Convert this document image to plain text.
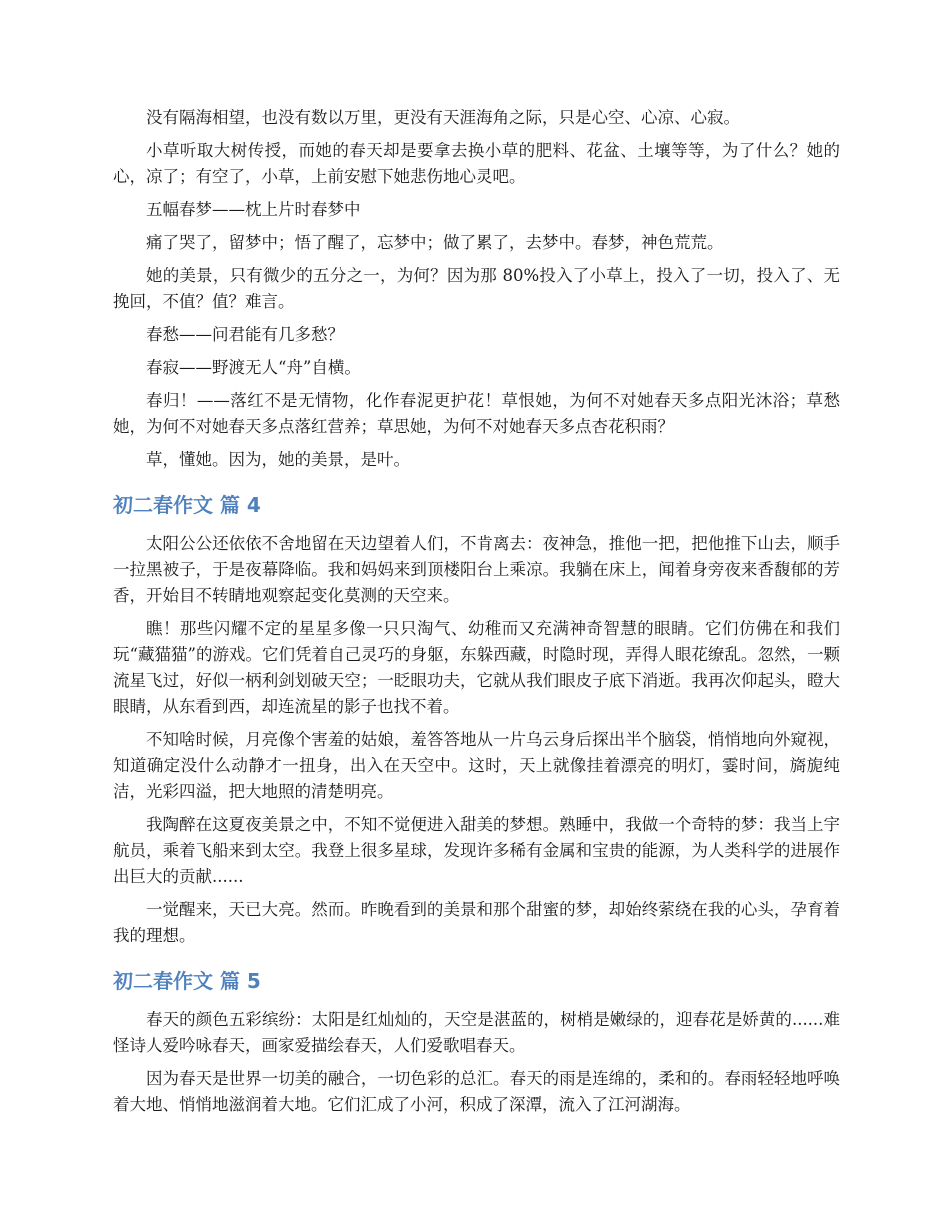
没有隔海相望，也没有数以万里，更没有天涯海角之际，只是心空、心凉、心寂。

小草听取大树传授，而她的春天却是要拿去换小草的肥料、花盆、土壤等等，为了什么？她的心，凉了；有空了，小草，上前安慰下她悲伤地心灵吧。

五幅春梦——枕上片时春梦中

痛了哭了，留梦中；悟了醒了，忘梦中；做了累了，去梦中。春梦，神色荒荒。

她的美景，只有微少的五分之一，为何？因为那 80%投入了小草上，投入了一切，投入了、无挽回，不值？值？难言。

春愁——问君能有几多愁？

春寂——野渡无人“舟”自横。

春归！——落红不是无情物，化作春泥更护花！草恨她，为何不对她春天多点阳光沐浴；草愁她，为何不对她春天多点落红营养；草思她，为何不对她春天多点杏花积雨？

草，懂她。因为，她的美景，是叶。

初二春作文 篇 4

太阳公公还依依不舍地留在天边望着人们，不肯离去：夜神急，推他一把，把他推下山去，顺手一拉黑被子，于是夜幕降临。我和妈妈来到顶楼阳台上乘凉。我躺在床上，闻着身旁夜来香馥郁的芳香，开始目不转睛地观察起变化莫测的天空来。

瞧！那些闪耀不定的星星多像一只只淘气、幼稚而又充满神奇智慧的眼睛。它们仿佛在和我们玩“藏猫猫”的游戏。它们凭着自己灵巧的身躯，东躲西藏，时隐时现，弄得人眼花缭乱。忽然，一颗流星飞过，好似一柄利剑划破天空；一眨眼功夫，它就从我们眼皮子底下消逝。我再次仰起头，瞪大眼睛，从东看到西，却连流星的影子也找不着。

不知啥时候，月亮像个害羞的姑娘，羞答答地从一片乌云身后探出半个脑袋，悄悄地向外窥视，知道确定没什么动静才一扭身，出入在天空中。这时，天上就像挂着漂亮的明灯，霎时间，旖旎纯洁，光彩四溢，把大地照的清楚明亮。

我陶醉在这夏夜美景之中，不知不觉便进入甜美的梦想。熟睡中，我做一个奇特的梦：我当上宇航员，乘着飞船来到太空。我登上很多星球，发现许多稀有金属和宝贵的能源，为人类科学的进展作出巨大的贡献......

一觉醒来，天已大亮。然而。昨晚看到的美景和那个甜蜜的梦，却始终萦绕在我的心头，孕育着我的理想。

初二春作文 篇 5

春天的颜色五彩缤纷：太阳是红灿灿的，天空是湛蓝的，树梢是嫩绿的，迎春花是娇黄的......难怪诗人爱吟咏春天，画家爱描绘春天，人们爱歌唱春天。

因为春天是世界一切美的融合，一切色彩的总汇。春天的雨是连绵的，柔和的。春雨轻轻地呼唤着大地、悄悄地滋润着大地。它们汇成了小河，积成了深潭，流入了江河湖海。
